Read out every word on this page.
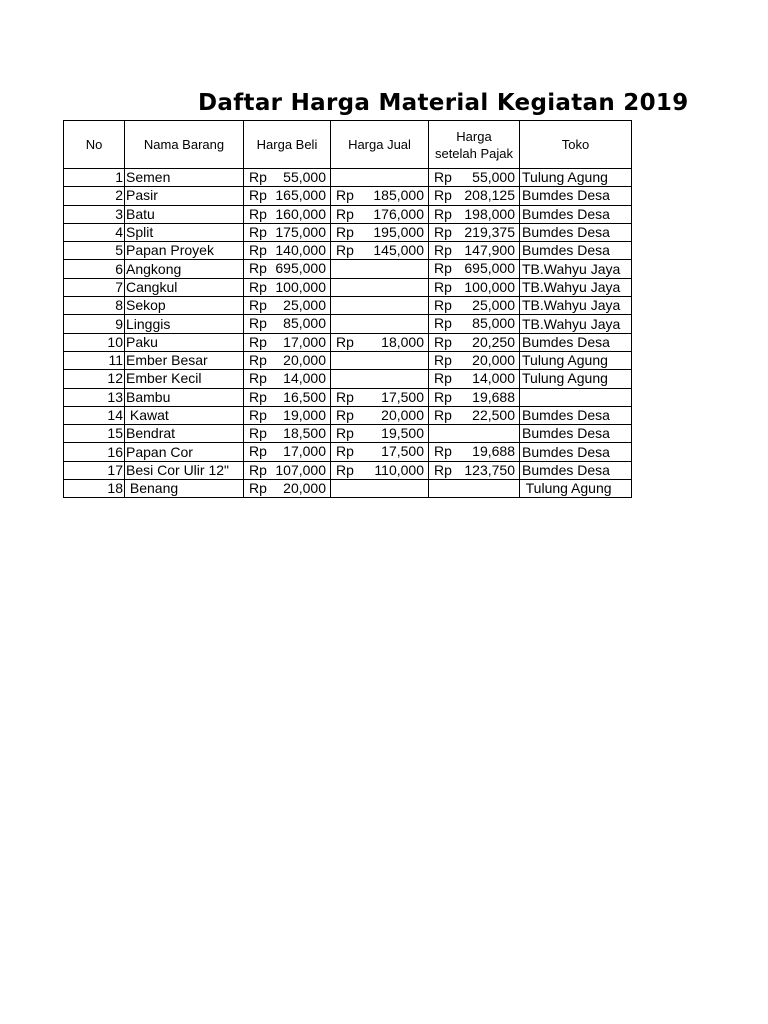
Daftar Harga Material Kegiatan 2019
No	Nama Barang	Harga Beli	Harga Jual	Harga
setelah Pajak	Toko
1	Semen	Rp 55,000		Rp 55,000	Tulung Agung
2	Pasir	Rp 165,000	Rp 185,000	Rp 208,125	Bumdes Desa
3	Batu	Rp 160,000	Rp 176,000	Rp 198,000	Bumdes Desa
4	Split	Rp 175,000	Rp 195,000	Rp 219,375	Bumdes Desa
5	Papan Proyek	Rp 140,000	Rp 145,000	Rp 147,900	Bumdes Desa
6	Angkong	Rp 695,000		Rp 695,000	TB.Wahyu Jaya
7	Cangkul	Rp 100,000		Rp 100,000	TB.Wahyu Jaya
8	Sekop	Rp 25,000		Rp 25,000	TB.Wahyu Jaya
9	Linggis	Rp 85,000		Rp 85,000	TB.Wahyu Jaya
10	Paku	Rp 17,000	Rp 18,000	Rp 20,250	Bumdes Desa
11	Ember Besar	Rp 20,000		Rp 20,000	Tulung Agung
12	Ember Kecil	Rp 14,000		Rp 14,000	Tulung Agung
13	Bambu	Rp 16,500	Rp 17,500	Rp 19,688	

14	Kawat	Rp 19,000	Rp 20,000	Rp 22,500	Bumdes Desa
15	Bendrat	Rp 18,500	Rp 19,500		Bumdes Desa
16	Papan Cor	Rp 17,000	Rp 17,500	Rp 19,688	Bumdes Desa
17	Besi Cor Ulir 12"	Rp 107,000	Rp 110,000	Rp 123,750	Bumdes Desa
18	Benang	Rp 20,000			Tulung Agung
